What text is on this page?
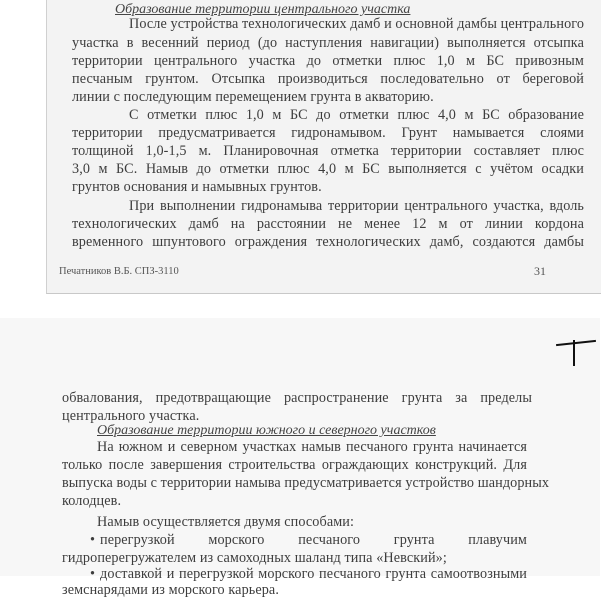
Образование территории центрального участка
После устройства технологических дамб и основной дамбы центрального
участка в весенний период (до наступления навигации) выполняется отсыпка
территории центрального участка до отметки плюс 1,0 м БС привозным
песчаным грунтом. Отсыпка производиться последовательно от береговой
линии с последующим перемещением грунта в акваторию.
С отметки плюс 1,0 м БС до отметки плюс 4,0 м БС образование
территории предусматривается гидронамывом. Грунт намывается слоями
толщиной 1,0-1,5 м. Планировочная отметка территории составляет плюс
3,0 м БС. Намыв до отметки плюс 4,0 м БС выполняется с учётом осадки
грунтов основания и намывных грунтов.
При выполнении гидронамыва территории центрального участка, вдоль
технологических дамб на расстоянии не менее 12 м от линии кордона
временного шпунтового ограждения технологических дамб, создаются дамбы
Печатников В.Б. СПЗ-3110	31
обвалования, предотвращающие распространение грунта за пределы
центрального участка.
Образование территории южного и северного участков
На южном и северном участках намыв песчаного грунта начинается
только после завершения строительства ограждающих конструкций. Для
выпуска воды с территории намыва предусматривается устройство шандорных
колодцев.
Намыв осуществляется двумя способами:
• перегрузкой морского песчаного грунта плавучим
гидроперегружателем из самоходных шаланд типа «Невский»;
• доставкой и перегрузкой морского песчаного грунта самоотвозными
земснарядами из морского карьера.
